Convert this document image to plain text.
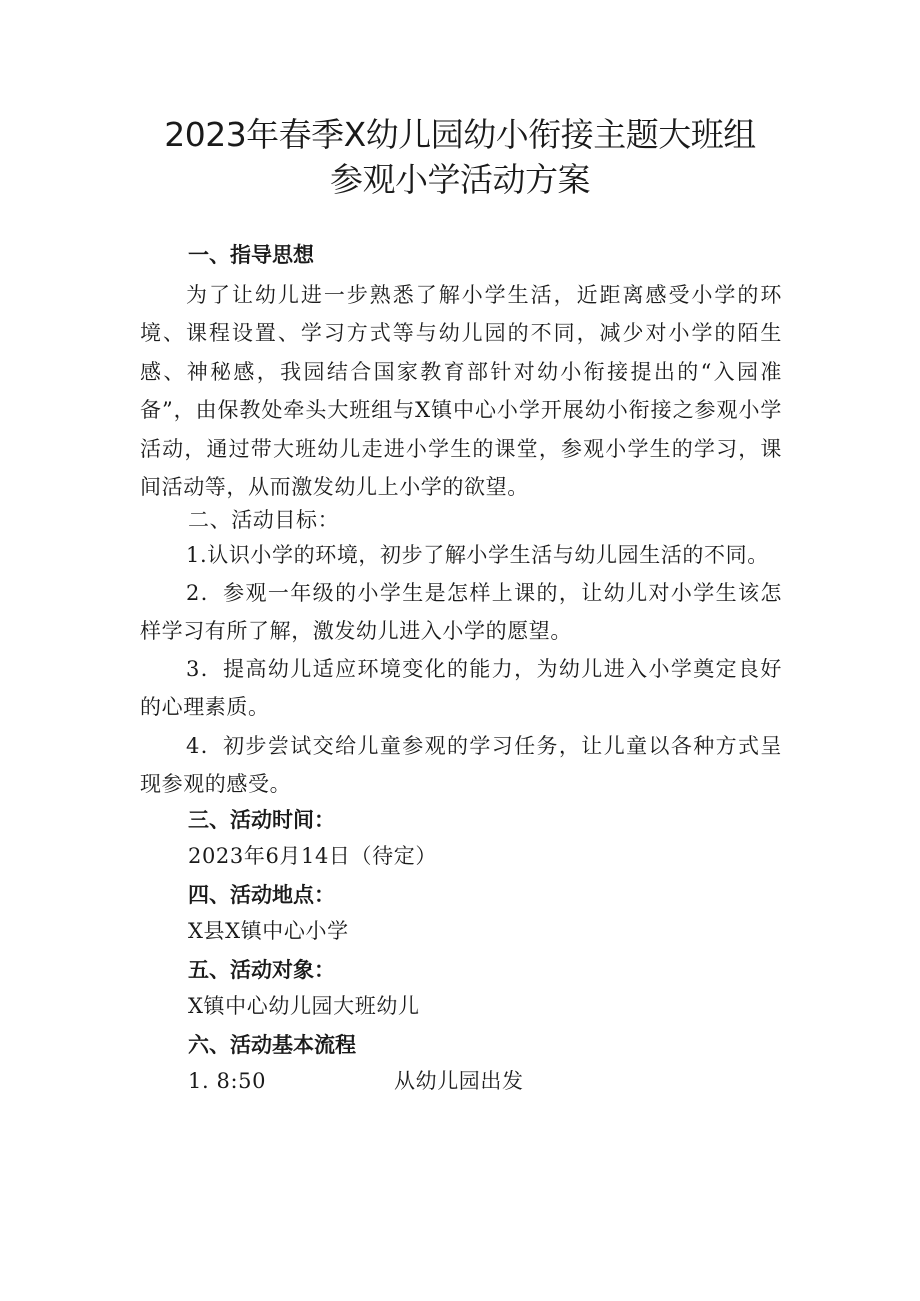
2023年春季X幼儿园幼小衔接主题大班组
参观小学活动方案
一、指导思想

为了让幼儿进一步熟悉了解小学生活，近距离感受小学的环境、课程设置、学习方式等与幼儿园的不同，减少对小学的陌生感、神秘感，我园结合国家教育部针对幼小衔接提出的“入园准备”，由保教处牵头大班组与X镇中心小学开展幼小衔接之参观小学活动，通过带大班幼儿走进小学生的课堂，参观小学生的学习，课间活动等，从而激发幼儿上小学的欲望。

二、活动目标：

1.认识小学的环境，初步了解小学生活与幼儿园生活的不同。

2．参观一年级的小学生是怎样上课的，让幼儿对小学生该怎样学习有所了解，激发幼儿进入小学的愿望。

3．提高幼儿适应环境变化的能力，为幼儿进入小学奠定良好的心理素质。

4．初步尝试交给儿童参观的学习任务，让儿童以各种方式呈现参观的感受。

三、活动时间：

2023年6月14日（待定）

四、活动地点：

X县X镇中心小学

五、活动对象：

X镇中心幼儿园大班幼儿

六、活动基本流程

1. 8:50	从幼儿园出发
